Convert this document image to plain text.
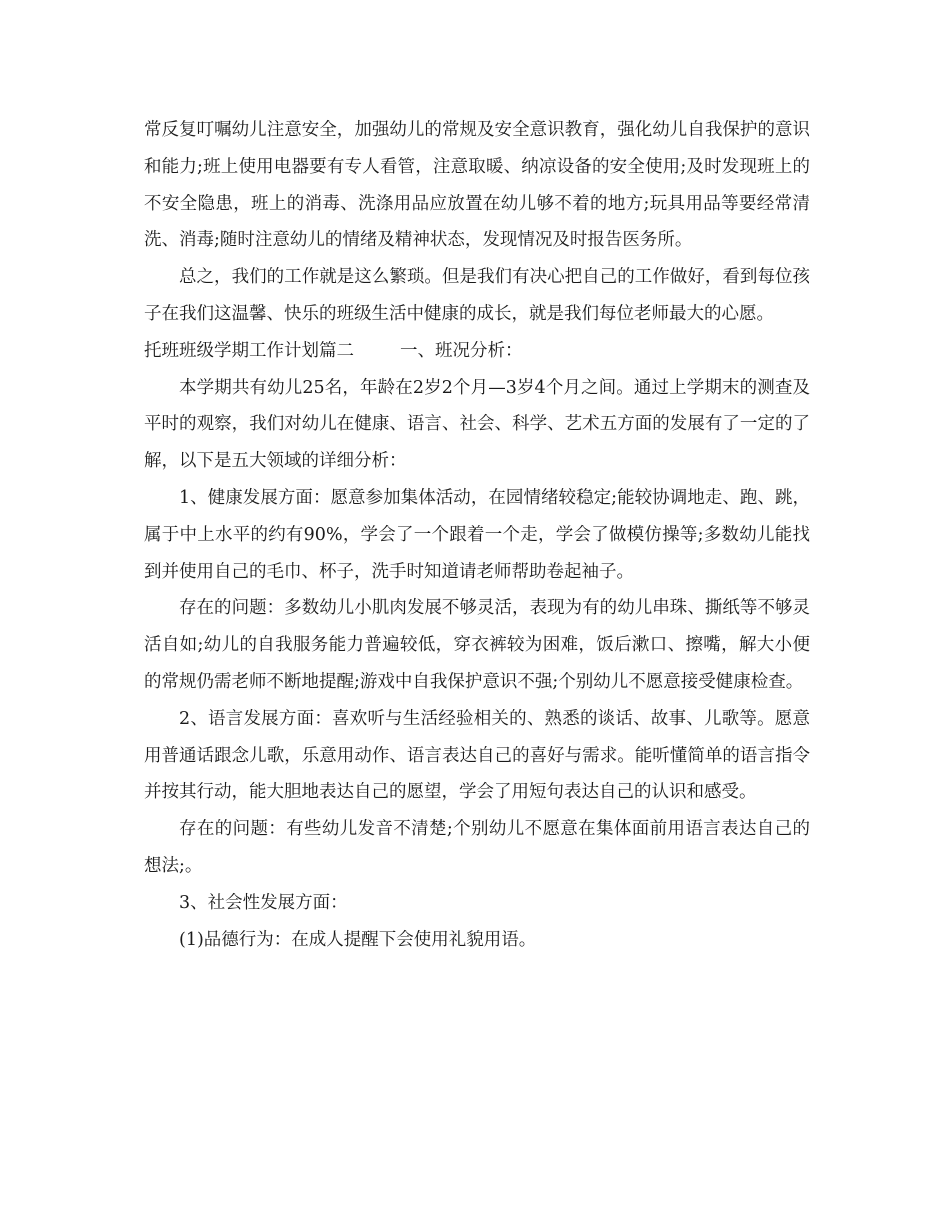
常反复叮嘱幼儿注意安全，加强幼儿的常规及安全意识教育，强化幼儿自我保护的意识和能力;班上使用电器要有专人看管，注意取暖、纳凉设备的安全使用;及时发现班上的不安全隐患，班上的消毒、洗涤用品应放置在幼儿够不着的地方;玩具用品等要经常清洗、消毒;随时注意幼儿的情绪及精神状态，发现情况及时报告医务所。

总之，我们的工作就是这么繁琐。但是我们有决心把自己的工作做好，看到每位孩子在我们这温馨、快乐的班级生活中健康的成长，就是我们每位老师最大的心愿。

托班班级学期工作计划篇二	一、班况分析：

本学期共有幼儿25名，年龄在2岁2个月—3岁4个月之间。通过上学期末的测查及平时的观察，我们对幼儿在健康、语言、社会、科学、艺术五方面的发展有了一定的了解，以下是五大领域的详细分析：

1、健康发展方面：愿意参加集体活动，在园情绪较稳定;能较协调地走、跑、跳，属于中上水平的约有90%，学会了一个跟着一个走，学会了做模仿操等;多数幼儿能找到并使用自己的毛巾、杯子，洗手时知道请老师帮助卷起袖子。

存在的问题：多数幼儿小肌肉发展不够灵活，表现为有的幼儿串珠、撕纸等不够灵活自如;幼儿的自我服务能力普遍较低，穿衣裤较为困难，饭后漱口、擦嘴，解大小便的常规仍需老师不断地提醒;游戏中自我保护意识不强;个别幼儿不愿意接受健康检查。

2、语言发展方面：喜欢听与生活经验相关的、熟悉的谈话、故事、儿歌等。愿意用普通话跟念儿歌，乐意用动作、语言表达自己的喜好与需求。能听懂简单的语言指令并按其行动，能大胆地表达自己的愿望，学会了用短句表达自己的认识和感受。

存在的问题：有些幼儿发音不清楚;个别幼儿不愿意在集体面前用语言表达自己的想法;。

3、社会性发展方面：

(1)品德行为：在成人提醒下会使用礼貌用语。
